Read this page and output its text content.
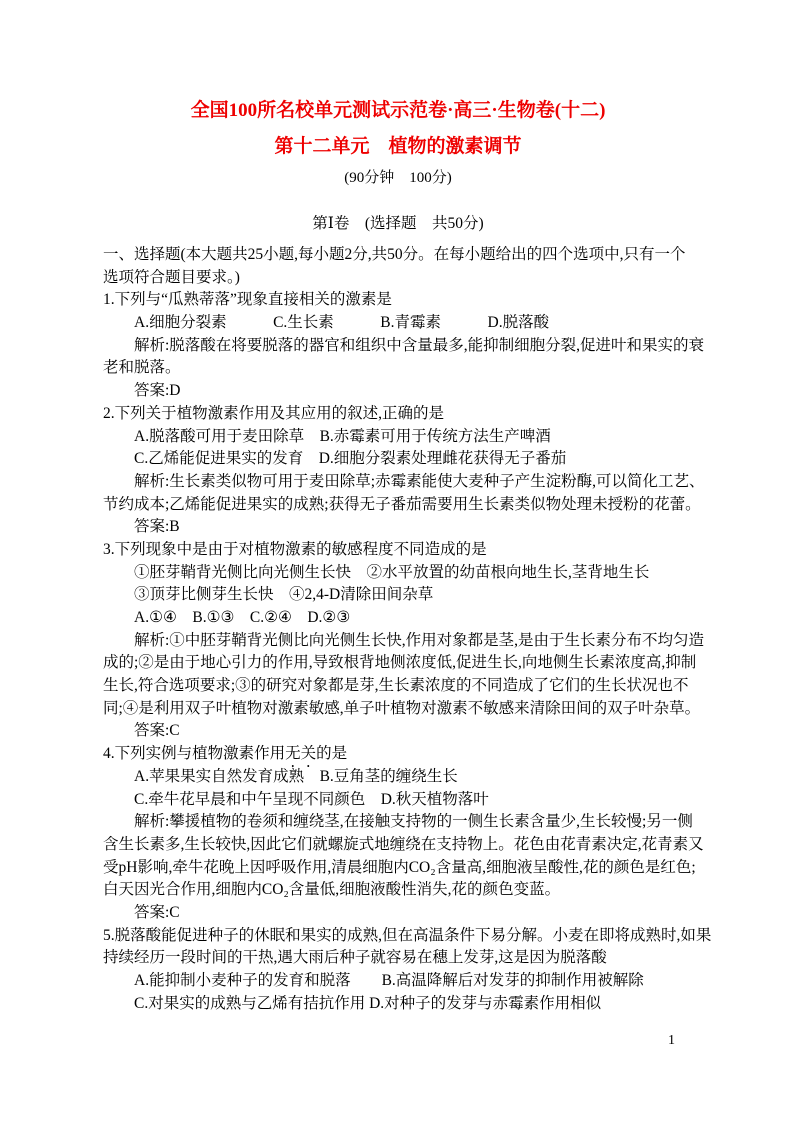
全国100所名校单元测试示范卷·高三·生物卷(十二)
第十二单元　植物的激素调节
(90分钟　100分)
第Ⅰ卷　(选择题　共50分)
一、选择题(本大题共25小题,每小题2分,共50分。在每小题给出的四个选项中,只有一个
选项符合题目要求。)
1.下列与“瓜熟蒂落”现象直接相关的激素是
A.细胞分裂素　　　C.生长素　　　B.青霉素　　　D.脱落酸
解析:脱落酸在将要脱落的器官和组织中含量最多,能抑制细胞分裂,促进叶和果实的衰
老和脱落。
答案:D
2.下列关于植物激素作用及其应用的叙述,正确的是
A.脱落酸可用于麦田除草　B.赤霉素可用于传统方法生产啤酒
C.乙烯能促进果实的发育　D.细胞分裂素处理雌花获得无子番茄
解析:生长素类似物可用于麦田除草;赤霉素能使大麦种子产生淀粉酶,可以简化工艺、
节约成本;乙烯能促进果实的成熟;获得无子番茄需要用生长素类似物处理未授粉的花蕾。
答案:B
3.下列现象中是由于对植物激素的敏感程度不同造成的是
①胚芽鞘背光侧比向光侧生长快　②水平放置的幼苗根向地生长,茎背地生长
③顶芽比侧芽生长快　④2,4-D清除田间杂草
A.①④　B.①③　C.②④　D.②③
解析:①中胚芽鞘背光侧比向光侧生长快,作用对象都是茎,是由于生长素分布不均匀造
成的;②是由于地心引力的作用,导致根背地侧浓度低,促进生长,向地侧生长素浓度高,抑制
生长,符合选项要求;③的研究对象都是芽,生长素浓度的不同造成了它们的生长状况也不
同;④是利用双子叶植物对激素敏感,单子叶植物对激素不敏感来清除田间的双子叶杂草。
答案:C
4.下列实例与植物激素作用无关的是
A.苹果果实自然发育成熟　B.豆角茎的缠绕生长
C.牵牛花早晨和中午呈现不同颜色　D.秋天植物落叶
解析:攀援植物的卷须和缠绕茎,在接触支持物的一侧生长素含量少,生长较慢;另一侧
含生长素多,生长较快,因此它们就螺旋式地缠绕在支持物上。花色由花青素决定,花青素又
受pH影响,牵牛花晚上因呼吸作用,清晨细胞内CO₂含量高,细胞液呈酸性,花的颜色是红色;
白天因光合作用,细胞内CO₂含量低,细胞液酸性消失,花的颜色变蓝。
答案:C
5.脱落酸能促进种子的休眠和果实的成熟,但在高温条件下易分解。小麦在即将成熟时,如果
持续经历一段时间的干热,遇大雨后种子就容易在穗上发芽,这是因为脱落酸
A.能抑制小麦种子的发育和脱落　　B.高温降解后对发芽的抑制作用被解除
C.对果实的成熟与乙烯有拮抗作用 D.对种子的发芽与赤霉素作用相似
1
